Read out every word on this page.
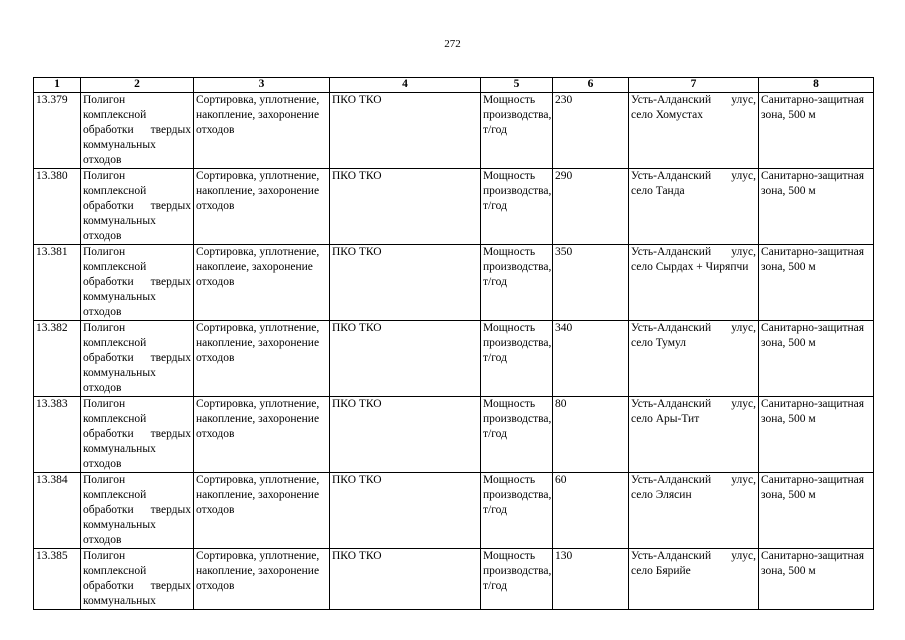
272
1	2	3	4	5	6	7	8
13.379	Полигон комплексной обработки твердых коммунальных отходов	Сортировка, уплотнение, накопление, захоронение отходов	ПКО ТКО	Мощность производства, т/год	230	Усть-Алданский улус, село Хомустах	Санитарно-защитная зона, 500 м
13.380	Полигон комплексной обработки твердых коммунальных отходов	Сортировка, уплотнение, накопление, захоронение отходов	ПКО ТКО	Мощность производства, т/год	290	Усть-Алданский улус, село Танда	Санитарно-защитная зона, 500 м
13.381	Полигон комплексной обработки твердых коммунальных отходов	Сортировка, уплотнение, накоплеие, захоронение отходов	ПКО ТКО	Мощность производства, т/год	350	Усть-Алданский улус, село Сырдах + Чиряпчи	Санитарно-защитная зона, 500 м
13.382	Полигон комплексной обработки твердых коммунальных отходов	Сортировка, уплотнение, накопление, захоронение отходов	ПКО ТКО	Мощность производства, т/год	340	Усть-Алданский улус, село Тумул	Санитарно-защитная зона, 500 м
13.383	Полигон комплексной обработки твердых коммунальных отходов	Сортировка, уплотнение, накопление, захоронение отходов	ПКО ТКО	Мощность производства, т/год	80	Усть-Алданский улус, село Ары-Тит	Санитарно-защитная зона, 500 м
13.384	Полигон комплексной обработки твердых коммунальных отходов	Сортировка, уплотнение, накопление, захоронение отходов	ПКО ТКО	Мощность производства, т/год	60	Усть-Алданский улус, село Элясин	Санитарно-защитная зона, 500 м
13.385	Полигон комплексной обработки твердых коммунальных	Сортировка, уплотнение, накопление, захоронение отходов	ПКО ТКО	Мощность производства, т/год	130	Усть-Алданский улус, село Бярийе	Санитарно-защитная зона, 500 м
